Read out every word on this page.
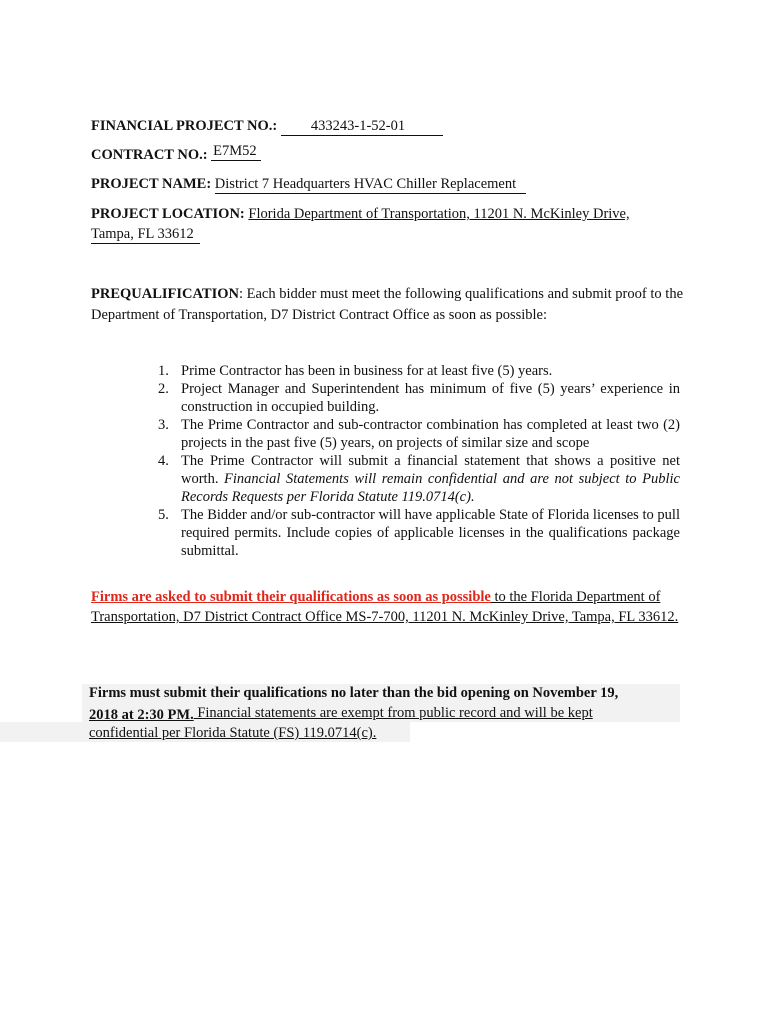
FINANCIAL PROJECT NO.: 433243-1-52-01
CONTRACT NO.: E7M52
PROJECT NAME: District 7 Headquarters HVAC Chiller Replacement
PROJECT LOCATION: Florida Department of Transportation, 11201 N. McKinley Drive,
Tampa, FL 33612
PREQUALIFICATION: Each bidder must meet the following qualifications and submit proof to the Department of Transportation, D7 District Contract Office as soon as possible:
1. Prime Contractor has been in business for at least five (5) years.
2. Project Manager and Superintendent has minimum of five (5) years’ experience in construction in occupied building.
3. The Prime Contractor and sub-contractor combination has completed at least two (2) projects in the past five (5) years, on projects of similar size and scope
4. The Prime Contractor will submit a financial statement that shows a positive net worth. Financial Statements will remain confidential and are not subject to Public Records Requests per Florida Statute 119.0714(c).
5. The Bidder and/or sub-contractor will have applicable State of Florida licenses to pull required permits. Include copies of applicable licenses in the qualifications package submittal.
Firms are asked to submit their qualifications as soon as possible to the Florida Department of Transportation, D7 District Contract Office MS-7-700, 11201 N. McKinley Drive, Tampa, FL 33612.
Firms must submit their qualifications no later than the bid opening on November 19,
2018 at 2:30 PM. Financial statements are exempt from public record and will be kept
confidential per Florida Statute (FS) 119.0714(c).
